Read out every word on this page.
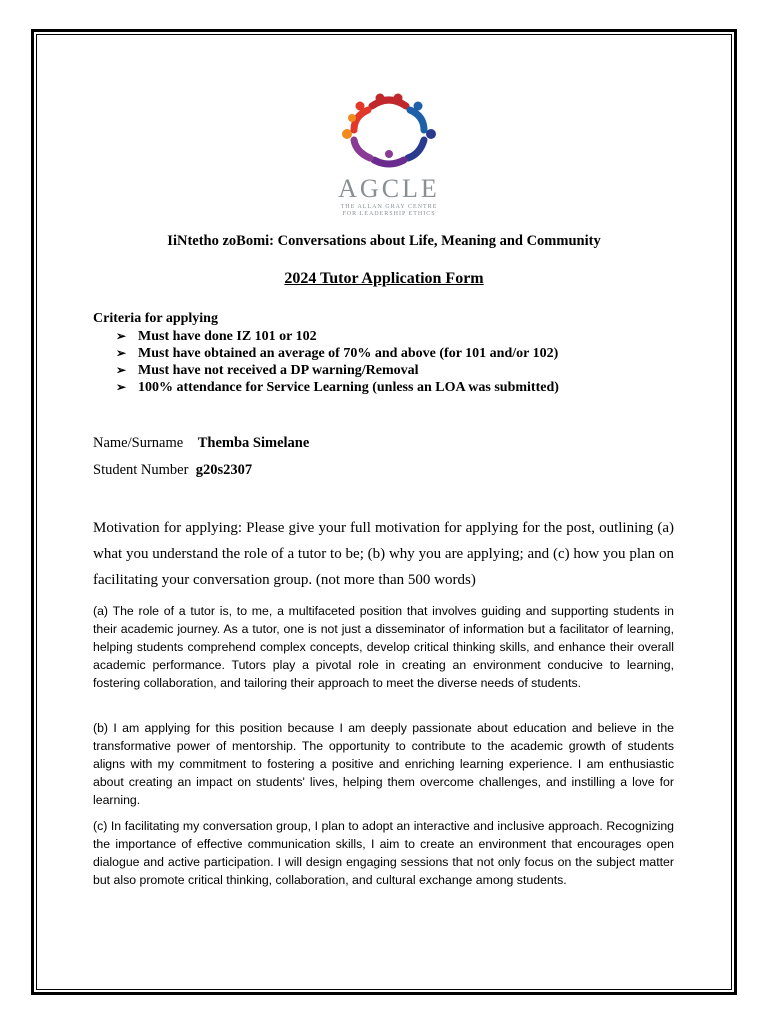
AGCLE
THE ALLAN GRAY CENTRE
FOR LEADERSHIP ETHICS
IiNtetho zoBomi: Conversations about Life, Meaning and Community
2024 Tutor Application Form
Criteria for applying
➢ Must have done IZ 101 or 102
➢ Must have obtained an average of 70% and above (for 101 and/or 102)
➢ Must have not received a DP warning/Removal
➢ 100% attendance for Service Learning (unless an LOA was submitted)
Name/Surname Themba Simelane
Student Number g20s2307

Motivation for applying: Please give your full motivation for applying for the post, outlining (a) what you understand the role of a tutor to be; (b) why you are applying; and (c) how you plan on facilitating your conversation group. (not more than 500 words)

(a) The role of a tutor is, to me, a multifaceted position that involves guiding and supporting students in their academic journey. As a tutor, one is not just a disseminator of information but a facilitator of learning, helping students comprehend complex concepts, develop critical thinking skills, and enhance their overall academic performance. Tutors play a pivotal role in creating an environment conducive to learning, fostering collaboration, and tailoring their approach to meet the diverse needs of students.

(b) I am applying for this position because I am deeply passionate about education and believe in the transformative power of mentorship. The opportunity to contribute to the academic growth of students aligns with my commitment to fostering a positive and enriching learning experience. I am enthusiastic about creating an impact on students' lives, helping them overcome challenges, and instilling a love for learning.

(c) In facilitating my conversation group, I plan to adopt an interactive and inclusive approach. Recognizing the importance of effective communication skills, I aim to create an environment that encourages open dialogue and active participation. I will design engaging sessions that not only focus on the subject matter but also promote critical thinking, collaboration, and cultural exchange among students.
